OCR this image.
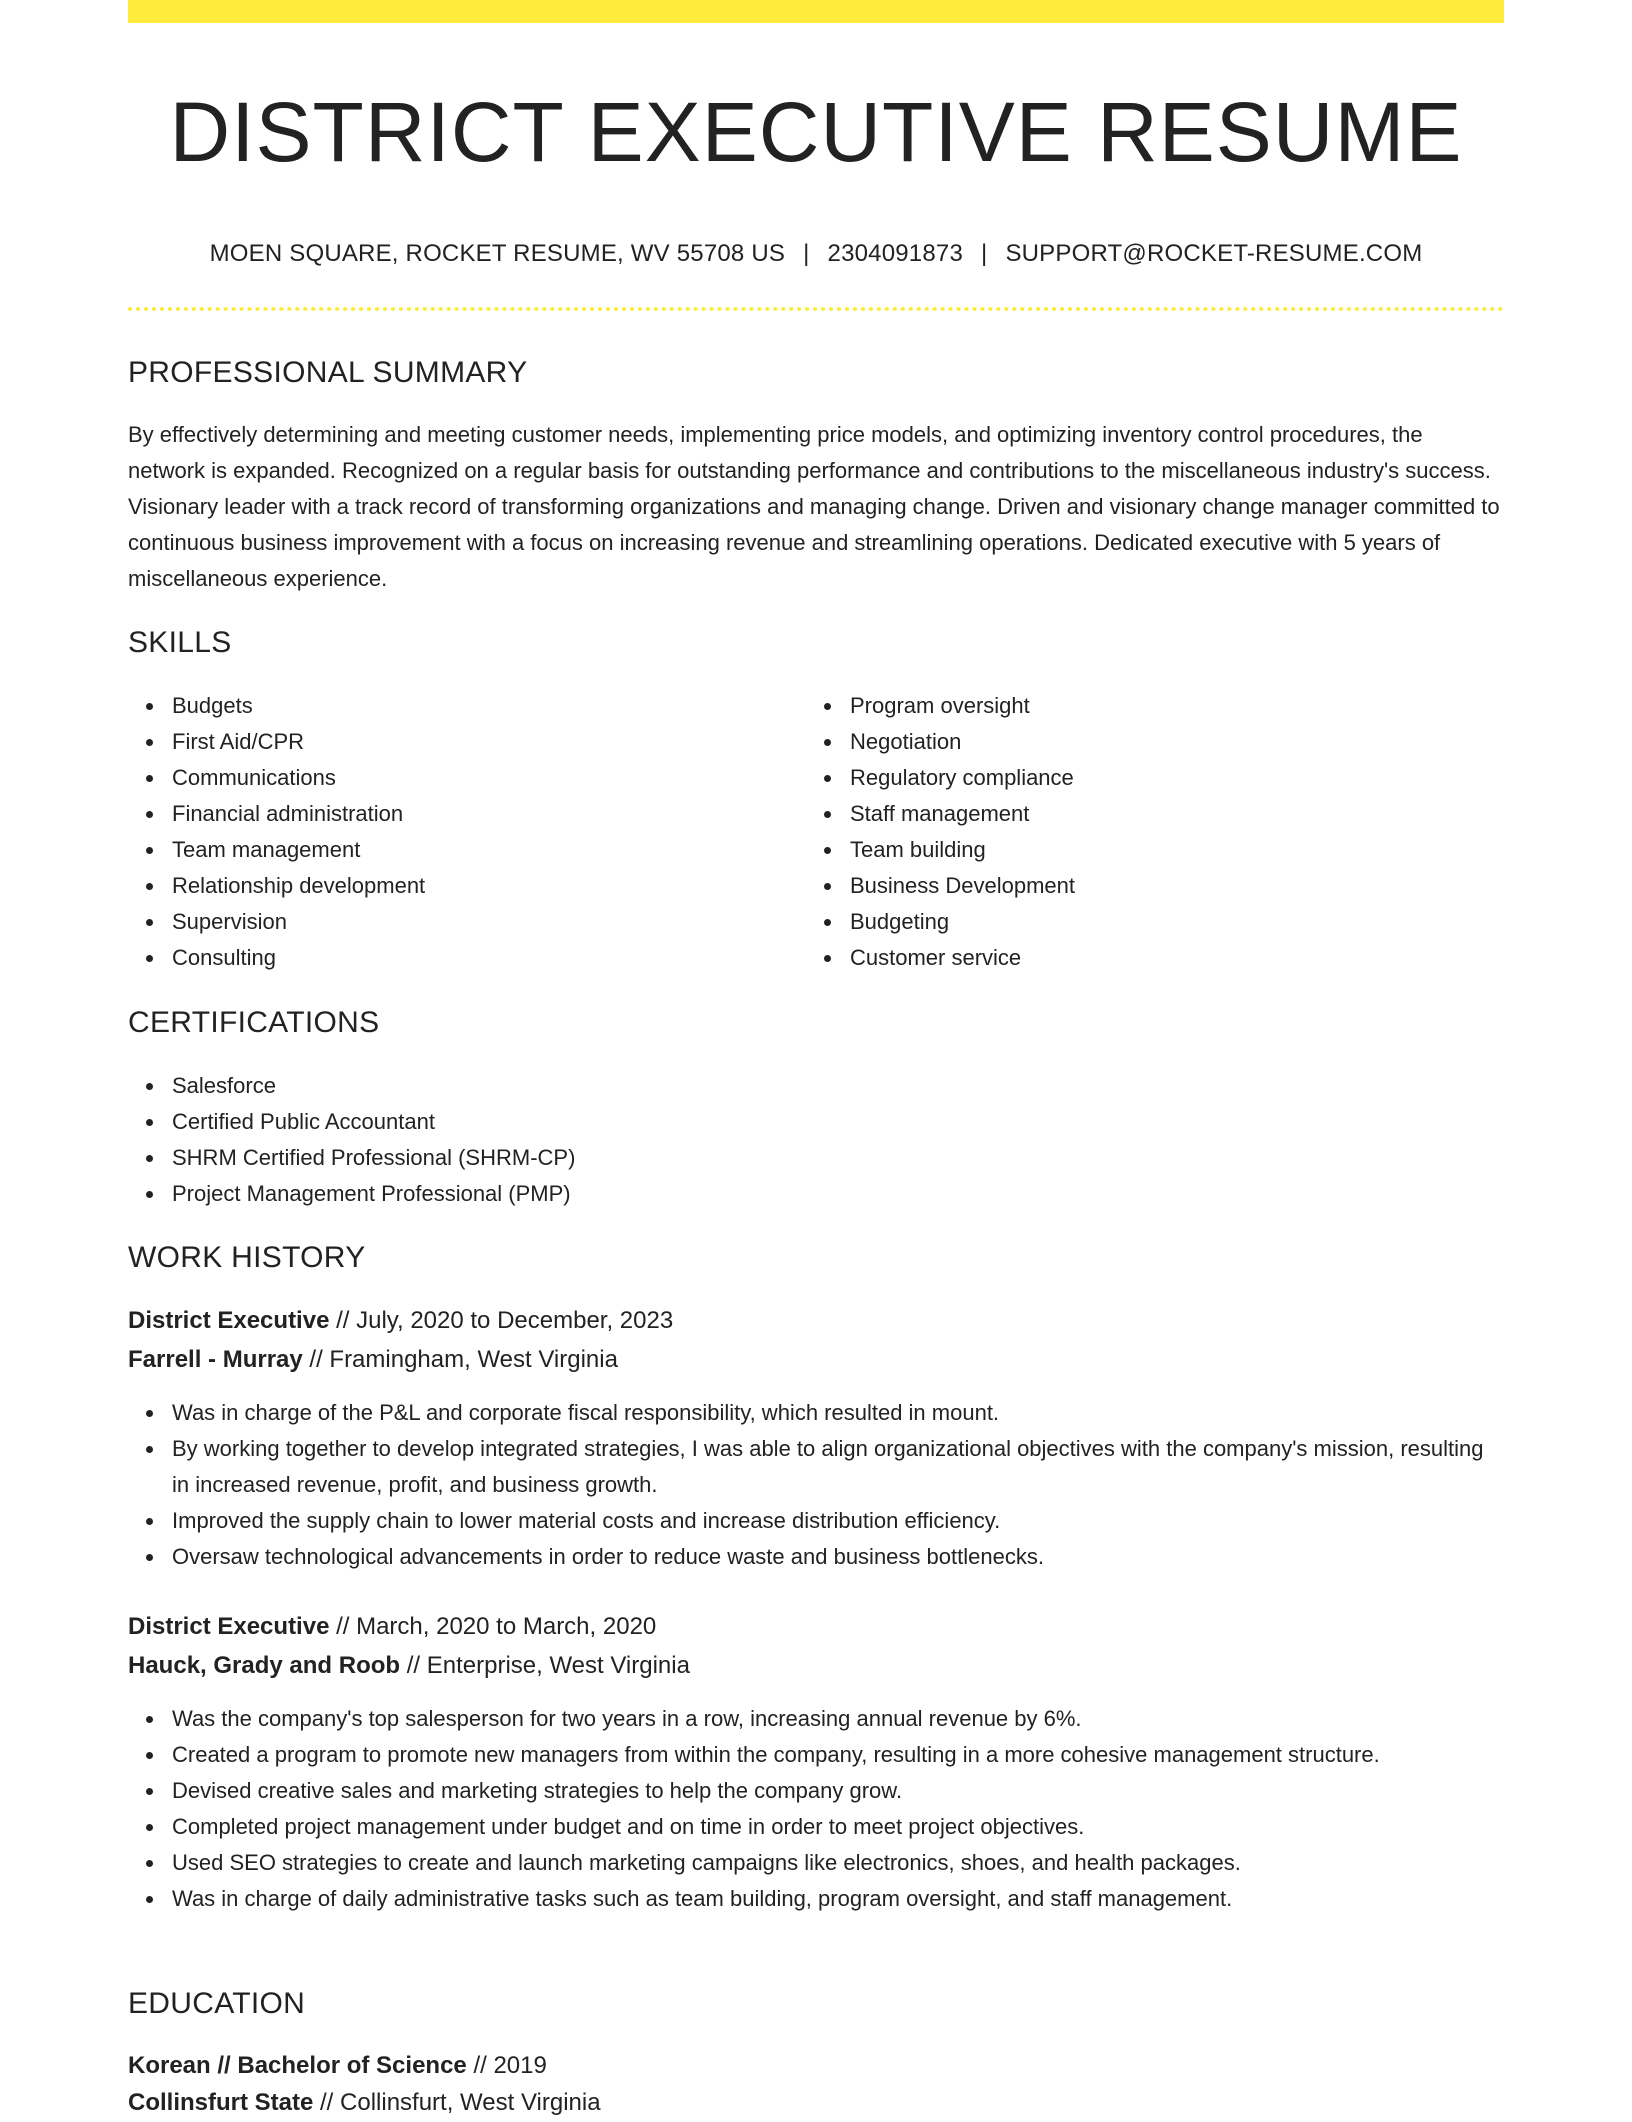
DISTRICT EXECUTIVE RESUME
MOEN SQUARE, ROCKET RESUME, WV 55708 US | 2304091873 | SUPPORT@ROCKET-RESUME.COM
PROFESSIONAL SUMMARY

By effectively determining and meeting customer needs, implementing price models, and optimizing inventory control procedures, the network is expanded. Recognized on a regular basis for outstanding performance and contributions to the miscellaneous industry's success. Visionary leader with a track record of transforming organizations and managing change. Driven and visionary change manager committed to continuous business improvement with a focus on increasing revenue and streamlining operations. Dedicated executive with 5 years of miscellaneous experience.

SKILLS
Budgets
First Aid/CPR
Communications
Financial administration
Team management
Relationship development
Supervision
Consulting
Program oversight
Negotiation
Regulatory compliance
Staff management
Team building
Business Development
Budgeting
Customer service
CERTIFICATIONS
Salesforce
Certified Public Accountant
SHRM Certified Professional (SHRM-CP)
Project Management Professional (PMP)
WORK HISTORY
District Executive // July, 2020 to December, 2023
Farrell - Murray // Framingham, West Virginia
Was in charge of the P&L and corporate fiscal responsibility, which resulted in mount.
By working together to develop integrated strategies, I was able to align organizational objectives with the company's mission, resulting in increased revenue, profit, and business growth.
Improved the supply chain to lower material costs and increase distribution efficiency.
Oversaw technological advancements in order to reduce waste and business bottlenecks.
District Executive // March, 2020 to March, 2020
Hauck, Grady and Roob // Enterprise, West Virginia
Was the company's top salesperson for two years in a row, increasing annual revenue by 6%.
Created a program to promote new managers from within the company, resulting in a more cohesive management structure.
Devised creative sales and marketing strategies to help the company grow.
Completed project management under budget and on time in order to meet project objectives.
Used SEO strategies to create and launch marketing campaigns like electronics, shoes, and health packages.
Was in charge of daily administrative tasks such as team building, program oversight, and staff management.
EDUCATION
Korean // Bachelor of Science // 2019
Collinsfurt State // Collinsfurt, West Virginia
